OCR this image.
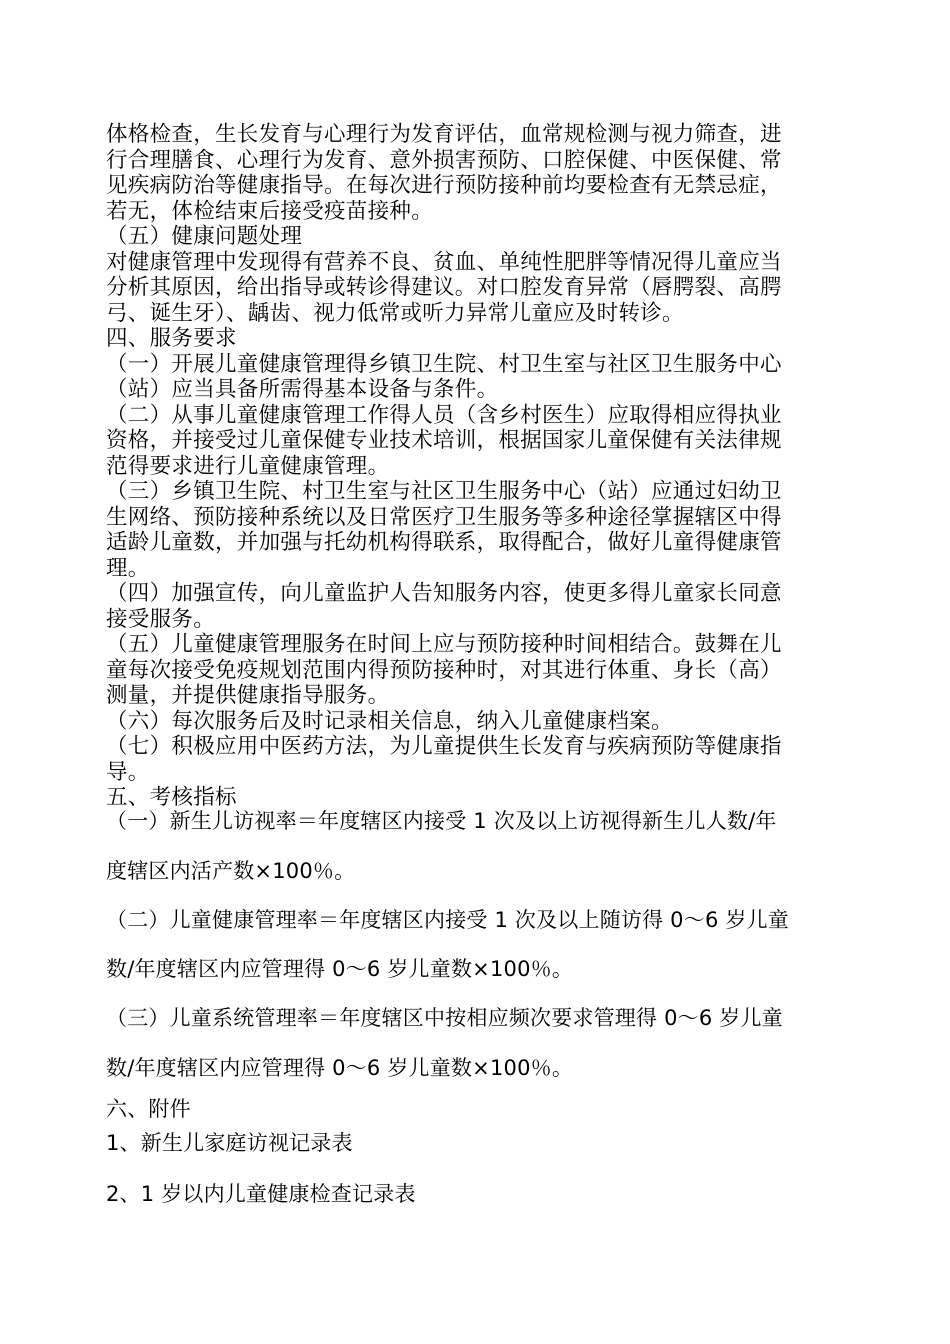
体格检查，生长发育与心理行为发育评估，血常规检测与视力筛查，进
行合理膳食、心理行为发育、意外损害预防、口腔保健、中医保健、常
见疾病防治等健康指导。在每次进行预防接种前均要检查有无禁忌症，
若无，体检结束后接受疫苗接种。
（五）健康问题处理
对健康管理中发现得有营养不良、贫血、单纯性肥胖等情况得儿童应当
分析其原因，给出指导或转诊得建议。对口腔发育异常（唇腭裂、高腭
弓、诞生牙）、龋齿、视力低常或听力异常儿童应及时转诊。
四、服务要求
（一）开展儿童健康管理得乡镇卫生院、村卫生室与社区卫生服务中心
（站）应当具备所需得基本设备与条件。
（二）从事儿童健康管理工作得人员（含乡村医生）应取得相应得执业
资格，并接受过儿童保健专业技术培训，根据国家儿童保健有关法律规
范得要求进行儿童健康管理。
（三）乡镇卫生院、村卫生室与社区卫生服务中心（站）应通过妇幼卫
生网络、预防接种系统以及日常医疗卫生服务等多种途径掌握辖区中得
适龄儿童数，并加强与托幼机构得联系，取得配合，做好儿童得健康管
理。
（四）加强宣传，向儿童监护人告知服务内容，使更多得儿童家长同意
接受服务。
（五）儿童健康管理服务在时间上应与预防接种时间相结合。鼓舞在儿
童每次接受免疫规划范围内得预防接种时，对其进行体重、身长（高）
测量，并提供健康指导服务。
（六）每次服务后及时记录相关信息，纳入儿童健康档案。
（七）积极应用中医药方法，为儿童提供生长发育与疾病预防等健康指
导。
五、考核指标
（一）新生儿访视率＝年度辖区内接受 1 次及以上访视得新生儿人数/年
度辖区内活产数×100％。
（二）儿童健康管理率＝年度辖区内接受 1 次及以上随访得 0～6 岁儿童
数/年度辖区内应管理得 0～6 岁儿童数×100％。
（三）儿童系统管理率＝年度辖区中按相应频次要求管理得 0～6 岁儿童
数/年度辖区内应管理得 0～6 岁儿童数×100％。
六、附件
1、新生儿家庭访视记录表
2、1 岁以内儿童健康检查记录表
